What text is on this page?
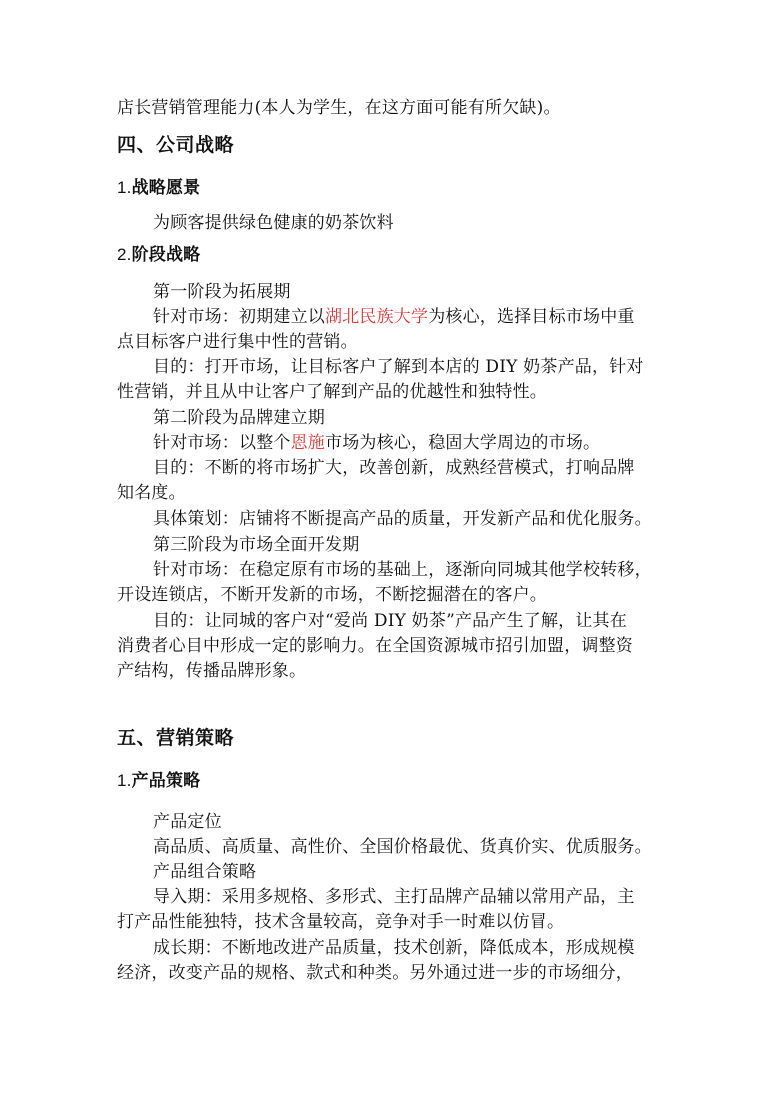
店长营销管理能力(本人为学生，在这方面可能有所欠缺)。
四、公司战略
1.战略愿景
为顾客提供绿色健康的奶茶饮料
2.阶段战略
第一阶段为拓展期
针对市场：初期建立以湖北民族大学为核心，选择目标市场中重
点目标客户进行集中性的营销。
目的：打开市场，让目标客户了解到本店的 DIY 奶茶产品，针对
性营销，并且从中让客户了解到产品的优越性和独特性。
第二阶段为品牌建立期
针对市场：以整个恩施市场为核心，稳固大学周边的市场。
目的：不断的将市场扩大，改善创新，成熟经营模式，打响品牌
知名度。
具体策划：店铺将不断提高产品的质量，开发新产品和优化服务。
第三阶段为市场全面开发期
针对市场：在稳定原有市场的基础上，逐渐向同城其他学校转移，
开设连锁店，不断开发新的市场，不断挖掘潜在的客户。
目的：让同城的客户对“爱尚 DIY 奶茶”产品产生了解，让其在
消费者心目中形成一定的影响力。在全国资源城市招引加盟，调整资
产结构，传播品牌形象。
五、营销策略
1.产品策略
产品定位
高品质、高质量、高性价、全国价格最优、货真价实、优质服务。
产品组合策略
导入期：采用多规格、多形式、主打品牌产品辅以常用产品，主
打产品性能独特，技术含量较高，竞争对手一时难以仿冒。
成长期：不断地改进产品质量，技术创新，降低成本，形成规模
经济，改变产品的规格、款式和种类。另外通过进一步的市场细分，
